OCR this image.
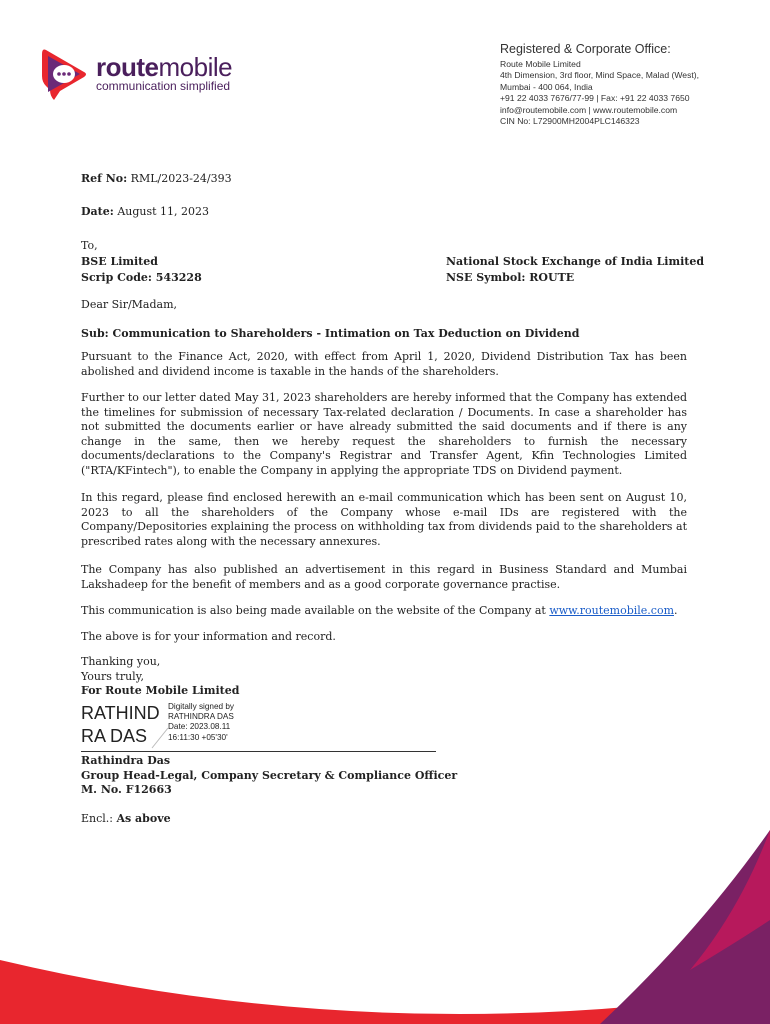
routemobile
communication simplified
Registered & Corporate Office:
Route Mobile Limited
4th Dimension, 3rd floor, Mind Space, Malad (West),
Mumbai - 400 064, India
+91 22 4033 7676/77-99 | Fax: +91 22 4033 7650
info@routemobile.com | www.routemobile.com
CIN No: L72900MH2004PLC146323
Ref No: RML/2023-24/393
Date: August 11, 2023
To,
BSE Limited
Scrip Code: 543228
National Stock Exchange of India Limited
NSE Symbol: ROUTE
Dear Sir/Madam,
Sub: Communication to Shareholders - Intimation on Tax Deduction on Dividend
Pursuant to the Finance Act, 2020, with effect from April 1, 2020, Dividend Distribution Tax has been abolished and dividend income is taxable in the hands of the shareholders.
Further to our letter dated May 31, 2023 shareholders are hereby informed that the Company has extended the timelines for submission of necessary Tax-related declaration / Documents. In case a shareholder has not submitted the documents earlier or have already submitted the said documents and if there is any change in the same, then we hereby request the shareholders to furnish the necessary documents/declarations to the Company's Registrar and Transfer Agent, Kfin Technologies Limited ("RTA/KFintech"), to enable the Company in applying the appropriate TDS on Dividend payment.
In this regard, please find enclosed herewith an e-mail communication which has been sent on August 10, 2023 to all the shareholders of the Company whose e-mail IDs are registered with the Company/Depositories explaining the process on withholding tax from dividends paid to the shareholders at prescribed rates along with the necessary annexures.
The Company has also published an advertisement in this regard in Business Standard and Mumbai Lakshadeep for the benefit of members and as a good corporate governance practise.
This communication is also being made available on the website of the Company at www.routemobile.com.
The above is for your information and record.
Thanking you,
Yours truly,
For Route Mobile Limited
RATHIND
RA DAS
Digitally signed by
RATHINDRA DAS
Date: 2023.08.11
16:11:30 +05'30'
Rathindra Das
Group Head-Legal, Company Secretary & Compliance Officer
M. No. F12663
Encl.: As above
